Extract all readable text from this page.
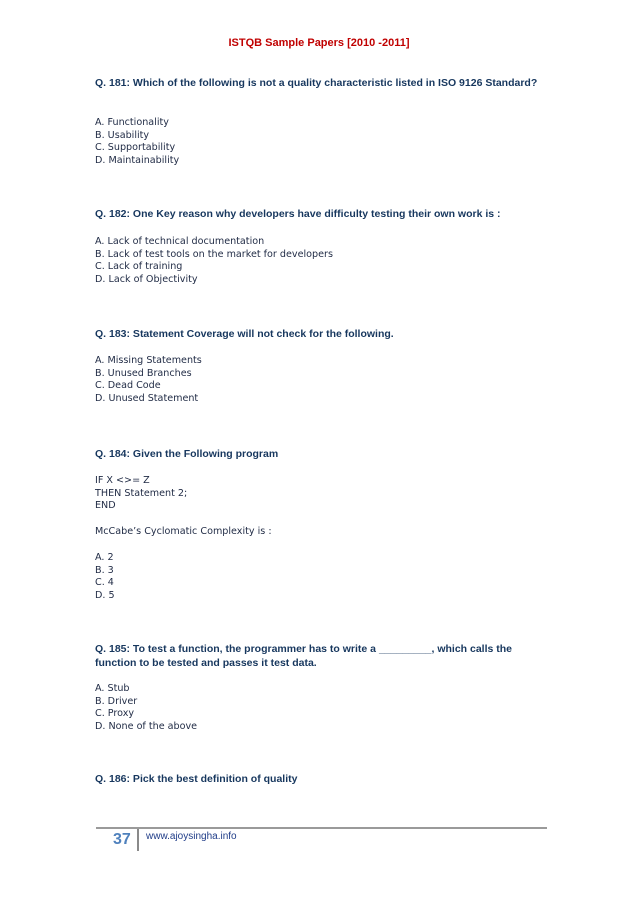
ISTQB Sample Papers [2010 -2011]
Q. 181: Which of the following is not a quality characteristic listed in ISO 9126 Standard?
A. Functionality
B. Usability
C. Supportability
D. Maintainability
Q. 182: One Key reason why developers have difficulty testing their own work is :
A. Lack of technical documentation
B. Lack of test tools on the market for developers
C. Lack of training
D. Lack of Objectivity
Q. 183: Statement Coverage will not check for the following.
A. Missing Statements
B. Unused Branches
C. Dead Code
D. Unused Statement
Q. 184: Given the Following program
IF X <>= Z
THEN Statement 2;
END
McCabe’s Cyclomatic Complexity is :
A. 2
B. 3
C. 4
D. 5
Q. 185: To test a function, the programmer has to write a _________, which calls the function to be tested and passes it test data.
A. Stub
B. Driver
C. Proxy
D. None of the above
Q. 186: Pick the best definition of quality
37 www.ajoysingha.info
